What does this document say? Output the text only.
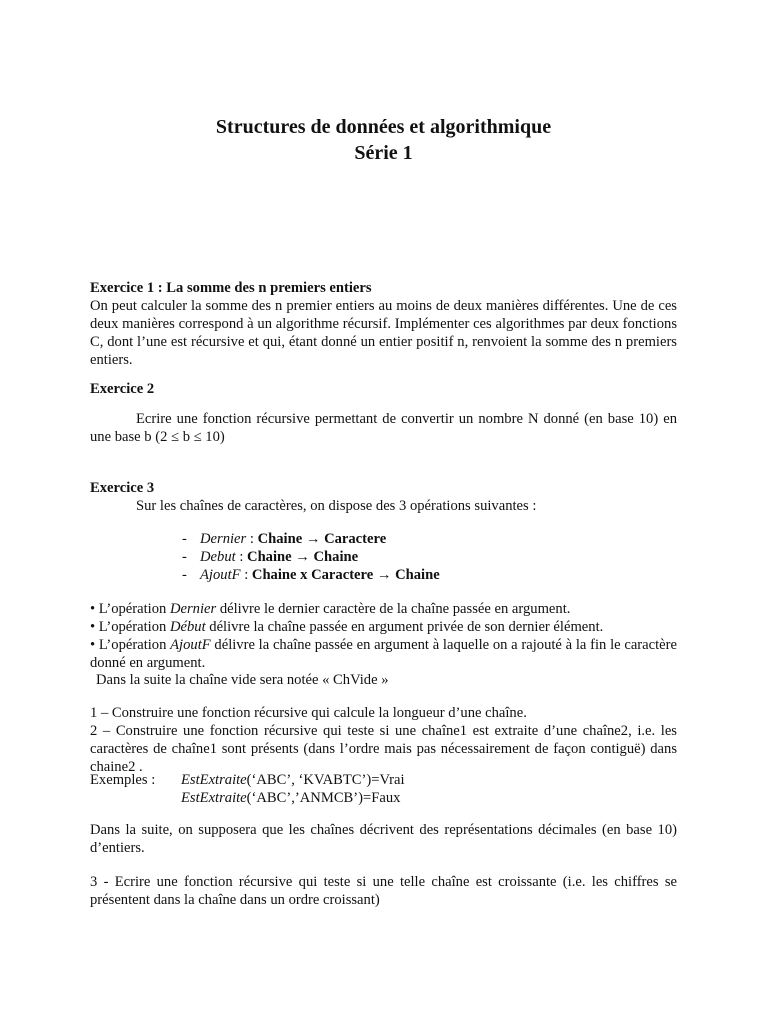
Structures de données et algorithmique
Série 1
Exercice 1 : La somme des n premiers entiers
On peut calculer la somme des n premier entiers au moins de deux manières différentes. Une de ces deux manières correspond à un algorithme récursif. Implémenter ces algorithmes par deux fonctions C, dont l’une est récursive et qui, étant donné un entier positif n, renvoient la somme des n premiers entiers.
Exercice 2
Ecrire une fonction récursive permettant de convertir un nombre N donné (en base 10) en une base b (2 ≤ b ≤ 10)
Exercice 3
Sur les chaînes de caractères, on dispose des 3 opérations suivantes :
- Dernier : Chaine → Caractere
- Debut : Chaine → Chaine
- AjoutF : Chaine x Caractere → Chaine
• L’opération Dernier délivre le dernier caractère de la chaîne passée en argument.
• L’opération Début délivre la chaîne passée en argument privée de son dernier élément.
• L’opération AjoutF délivre la chaîne passée en argument à laquelle on a rajouté à la fin le caractère donné en argument.
Dans la suite la chaîne vide sera notée « ChVide »
1 – Construire une fonction récursive qui calcule la longueur d’une chaîne.
2 – Construire une fonction récursive qui teste si une chaîne1 est extraite d’une chaîne2, i.e. les caractères de chaîne1 sont présents (dans l’ordre mais pas nécessairement de façon contiguë) dans chaine2 .
Exemples : EstExtraite(‘ABC’, ‘KVABTC’)=Vrai
EstExtraite(‘ABC’,’ANMCB’)=Faux
Dans la suite, on supposera que les chaînes décrivent des représentations décimales (en base 10) d’entiers.
3 - Ecrire une fonction récursive qui teste si une telle chaîne est croissante (i.e. les chiffres se présentent dans la chaîne dans un ordre croissant)
